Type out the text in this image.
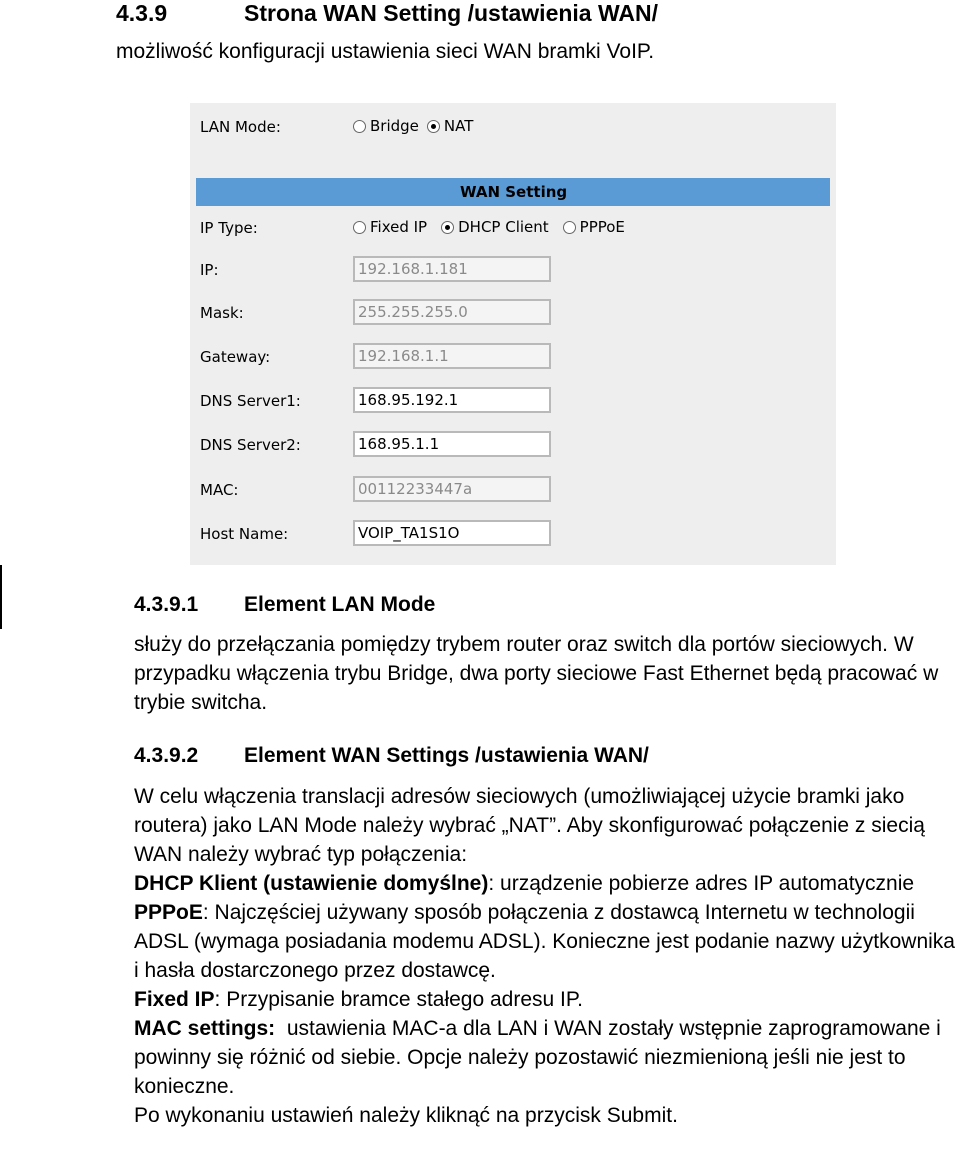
4.3.9	Strona WAN Setting /ustawienia WAN/
możliwość konfiguracji ustawienia sieci WAN bramki VoIP.
LAN Mode:	Bridge NAT
WAN Setting
IP Type:	Fixed IP DHCP Client PPPoE
IP:
192.168.1.181
Mask:
255.255.255.0
Gateway:
192.168.1.1
DNS Server1:
168.95.192.1
DNS Server2:
168.95.1.1
MAC:
00112233447a
Host Name:
VOIP_TA1S1O
4.3.9.1 Element LAN Mode

służy do przełączania pomiędzy trybem router oraz switch dla portów sieciowych. W przypadku włączenia trybu Bridge, dwa porty sieciowe Fast Ethernet będą pracować w trybie switcha.

4.3.9.2 Element WAN Settings /ustawienia WAN/

W celu włączenia translacji adresów sieciowych (umożliwiającej użycie bramki jako routera) jako LAN Mode należy wybrać „NAT”. Aby skonfigurować połączenie z siecią WAN należy wybrać typ połączenia:

DHCP Klient (ustawienie domyślne): urządzenie pobierze adres IP automatycznie

PPPoE: Najczęściej używany sposób połączenia z dostawcą Internetu w technologii ADSL (wymaga posiadania modemu ADSL). Konieczne jest podanie nazwy użytkownika i hasła dostarczonego przez dostawcę.

Fixed IP: Przypisanie bramce stałego adresu IP.

MAC settings:  ustawienia MAC-a dla LAN i WAN zostały wstępnie zaprogramowane i powinny się różnić od siebie. Opcje należy pozostawić niezmienioną jeśli nie jest to konieczne.

Po wykonaniu ustawień należy kliknąć na przycisk Submit.
